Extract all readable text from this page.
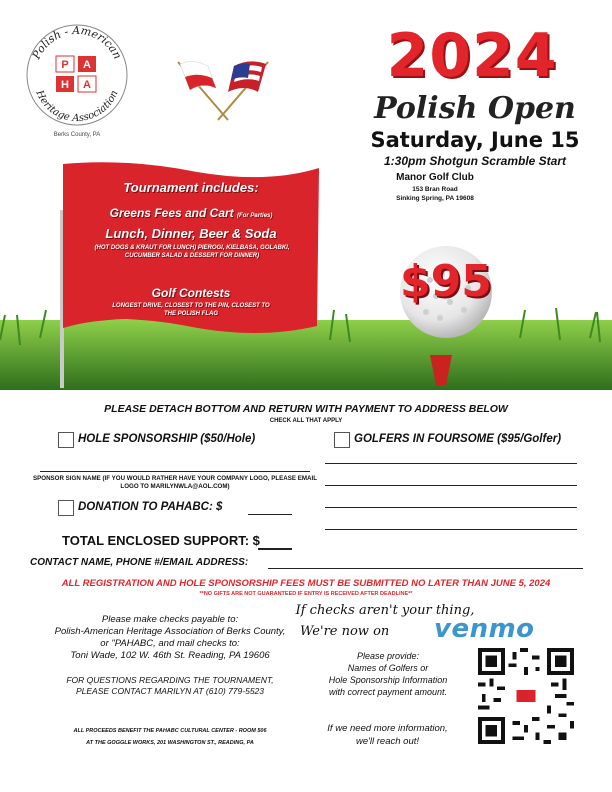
Polish - American
Heritage Association
P A
H A
Berks County, PA
2024
Polish Open
Saturday, June 15
1:30pm Shotgun Scramble Start
Manor Golf Club
153 Bran Road
Sinking Spring, PA 19608
Tournament includes:
Greens Fees and Cart (For Parties)
Lunch, Dinner, Beer & Soda
(HOT DOGS & KRAUT FOR LUNCH) PIEROGI, KIELBASA, GOLABKI, CUCUMBER SALAD & DESSERT FOR DINNER)
Golf Contests
LONGEST DRIVE, CLOSEST TO THE PIN, CLOSEST TO THE POLISH FLAG
$95
PLEASE DETACH BOTTOM AND RETURN WITH PAYMENT TO ADDRESS BELOW
CHECK ALL THAT APPLY
HOLE SPONSORSHIP ($50/Hole)	GOLFERS IN FOURSOME ($95/Golfer)
SPONSOR SIGN NAME (IF YOU WOULD RATHER HAVE YOUR COMPANY LOGO, PLEASE EMAIL LOGO TO MARILYNWLA@AOL.COM)
DONATION TO PAHABC: $
TOTAL ENCLOSED SUPPORT: $
CONTACT NAME, PHONE #/EMAIL ADDRESS:
ALL REGISTRATION AND HOLE SPONSORSHIP FEES MUST BE SUBMITTED NO LATER THAN JUNE 5, 2024
**NO GIFTS ARE NOT GUARANTEED IF ENTRY IS RECEIVED AFTER DEADLINE**
Please make checks payable to:
Polish-American Heritage Association of Berks County,
or "PAHABC, and mail checks to:
Toni Wade, 102 W. 46th St. Reading, PA 19606
FOR QUESTIONS REGARDING THE TOURNAMENT,
PLEASE CONTACT MARILYN AT (610) 779-5523
ALL PROCEEDS BENEFIT THE PAHABC CULTURAL CENTER - ROOM 506
AT THE GOGGLE WORKS, 201 WASHINGTON ST., READING, PA
If checks aren't your thing,
We're now on	venmo
Please provide:
Names of Golfers or
Hole Sponsorship Information
with correct payment amount.
If we need more information,
we'll reach out!
